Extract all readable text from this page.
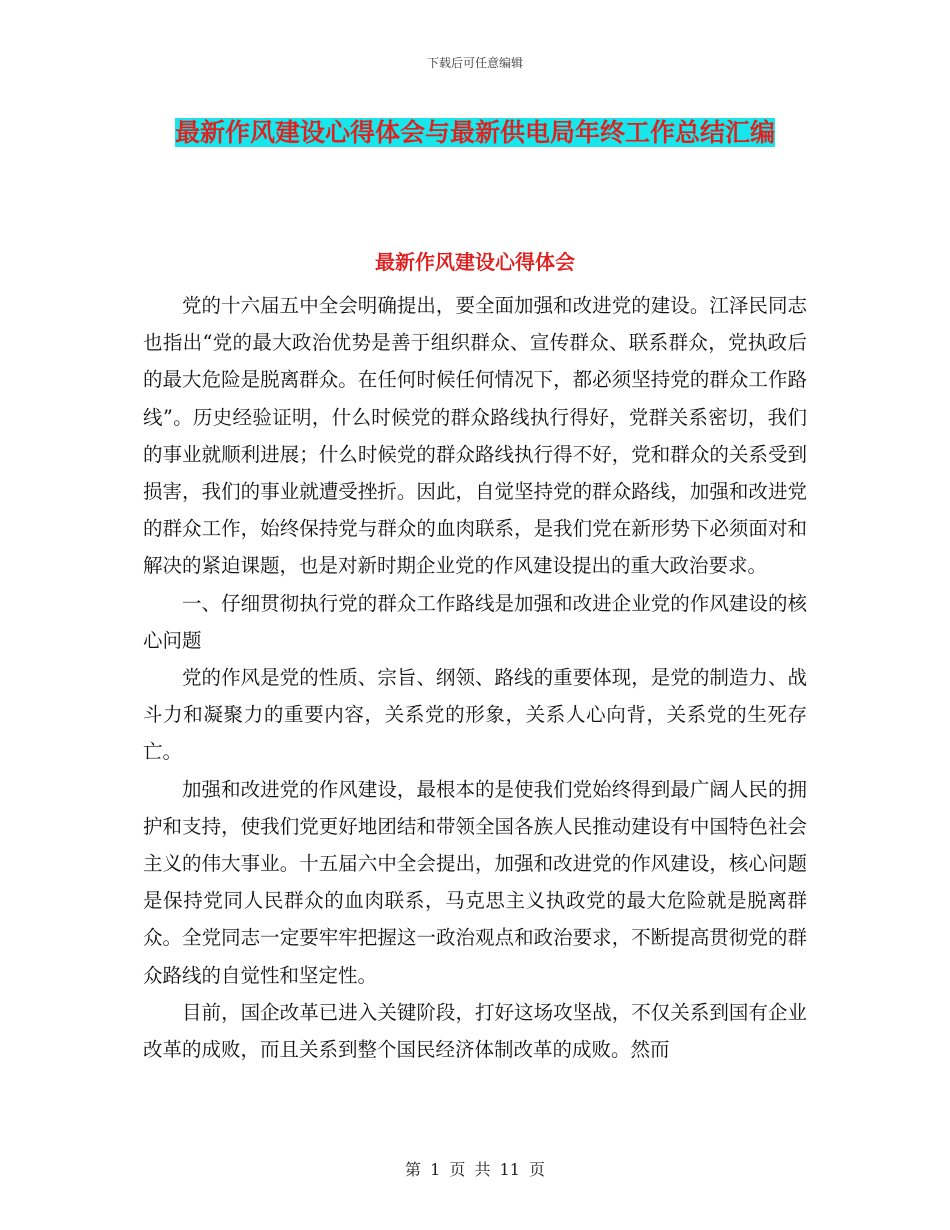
下载后可任意编辑
最新作风建设心得体会与最新供电局年终工作总结汇编
最新作风建设心得体会

党的十六届五中全会明确提出，要全面加强和改进党的建设。江泽民同志也指出“党的最大政治优势是善于组织群众、宣传群众、联系群众，党执政后的最大危险是脱离群众。在任何时候任何情况下，都必须坚持党的群众工作路线”。历史经验证明，什么时候党的群众路线执行得好，党群关系密切，我们的事业就顺利进展；什么时候党的群众路线执行得不好，党和群众的关系受到损害，我们的事业就遭受挫折。因此，自觉坚持党的群众路线，加强和改进党的群众工作，始终保持党与群众的血肉联系，是我们党在新形势下必须面对和解决的紧迫课题，也是对新时期企业党的作风建设提出的重大政治要求。

一、仔细贯彻执行党的群众工作路线是加强和改进企业党的作风建设的核心问题

党的作风是党的性质、宗旨、纲领、路线的重要体现，是党的制造力、战斗力和凝聚力的重要内容，关系党的形象，关系人心向背，关系党的生死存亡。

加强和改进党的作风建设，最根本的是使我们党始终得到最广阔人民的拥护和支持，使我们党更好地团结和带领全国各族人民推动建设有中国特色社会主义的伟大事业。十五届六中全会提出，加强和改进党的作风建设，核心问题是保持党同人民群众的血肉联系，马克思主义执政党的最大危险就是脱离群众。全党同志一定要牢牢把握这一政治观点和政治要求，不断提高贯彻党的群众路线的自觉性和坚定性。

目前，国企改革已进入关键阶段，打好这场攻坚战，不仅关系到国有企业改革的成败，而且关系到整个国民经济体制改革的成败。然而

第 1 页 共 11 页
